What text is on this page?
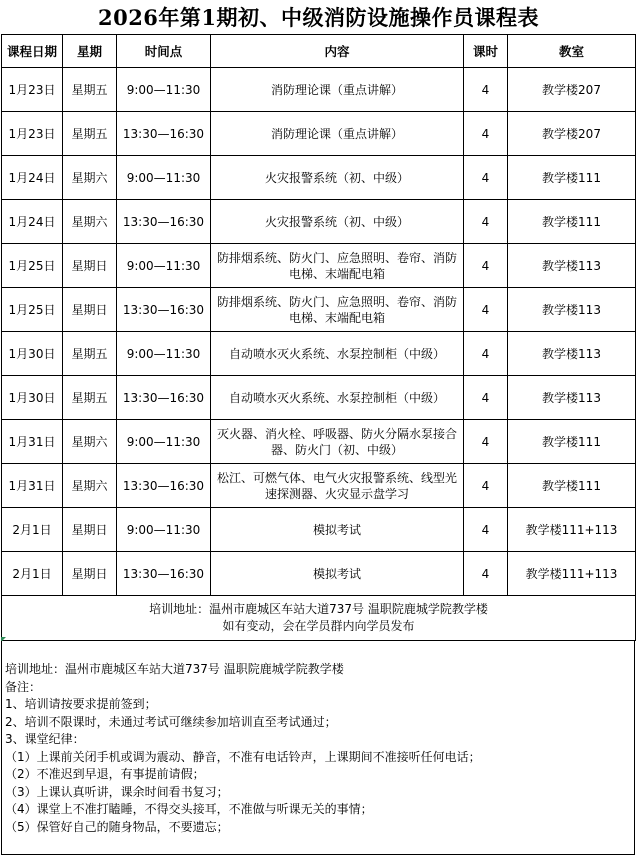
2026年第1期初、中级消防设施操作员课程表
课程日期	星期	时间点	内容	课时	教室
1月23日	星期五	9:00—11:30	消防理论课（重点讲解）	4	教学楼207
1月23日	星期五	13:30—16:30	消防理论课（重点讲解）	4	教学楼207
1月24日	星期六	9:00—11:30	火灾报警系统（初、中级）	4	教学楼111
1月24日	星期六	13:30—16:30	火灾报警系统（初、中级）	4	教学楼111
1月25日	星期日	9:00—11:30	防排烟系统、防火门、应急照明、卷帘、消防电梯、末端配电箱	4	教学楼113
1月25日	星期日	13:30—16:30	防排烟系统、防火门、应急照明、卷帘、消防电梯、末端配电箱	4	教学楼113
1月30日	星期五	9:00—11:30	自动喷水灭火系统、水泵控制柜（中级）	4	教学楼113
1月30日	星期五	13:30—16:30	自动喷水灭火系统、水泵控制柜（中级）	4	教学楼113
1月31日	星期六	9:00—11:30	灭火器、消火栓、呼吸器、防火分隔水泵接合器、防火门（初、中级）	4	教学楼111
1月31日	星期六	13:30—16:30	松江、可燃气体、电气火灾报警系统、线型光速探测器、火灾显示盘学习	4	教学楼111
2月1日	星期日	9:00—11:30	模拟考试	4	教学楼111+113
2月1日	星期日	13:30—16:30	模拟考试	4	教学楼111+113

培训地址：温州市鹿城区车站大道737号 温职院鹿城学院教学楼
如有变动，会在学员群内向学员发布					
培训地址：温州市鹿城区车站大道737号 温职院鹿城学院教学楼
备注：
1、培训请按要求提前签到；
2、培训不限课时，未通过考试可继续参加培训直至考试通过；
3、课堂纪律：
（1）上课前关闭手机或调为震动、静音，不准有电话铃声，上课期间不准接听任何电话；
（2）不准迟到早退，有事提前请假；
（3）上课认真听讲，课余时间看书复习；
（4）课堂上不准打瞌睡，不得交头接耳，不准做与听课无关的事情；
（5）保管好自己的随身物品，不要遗忘；
